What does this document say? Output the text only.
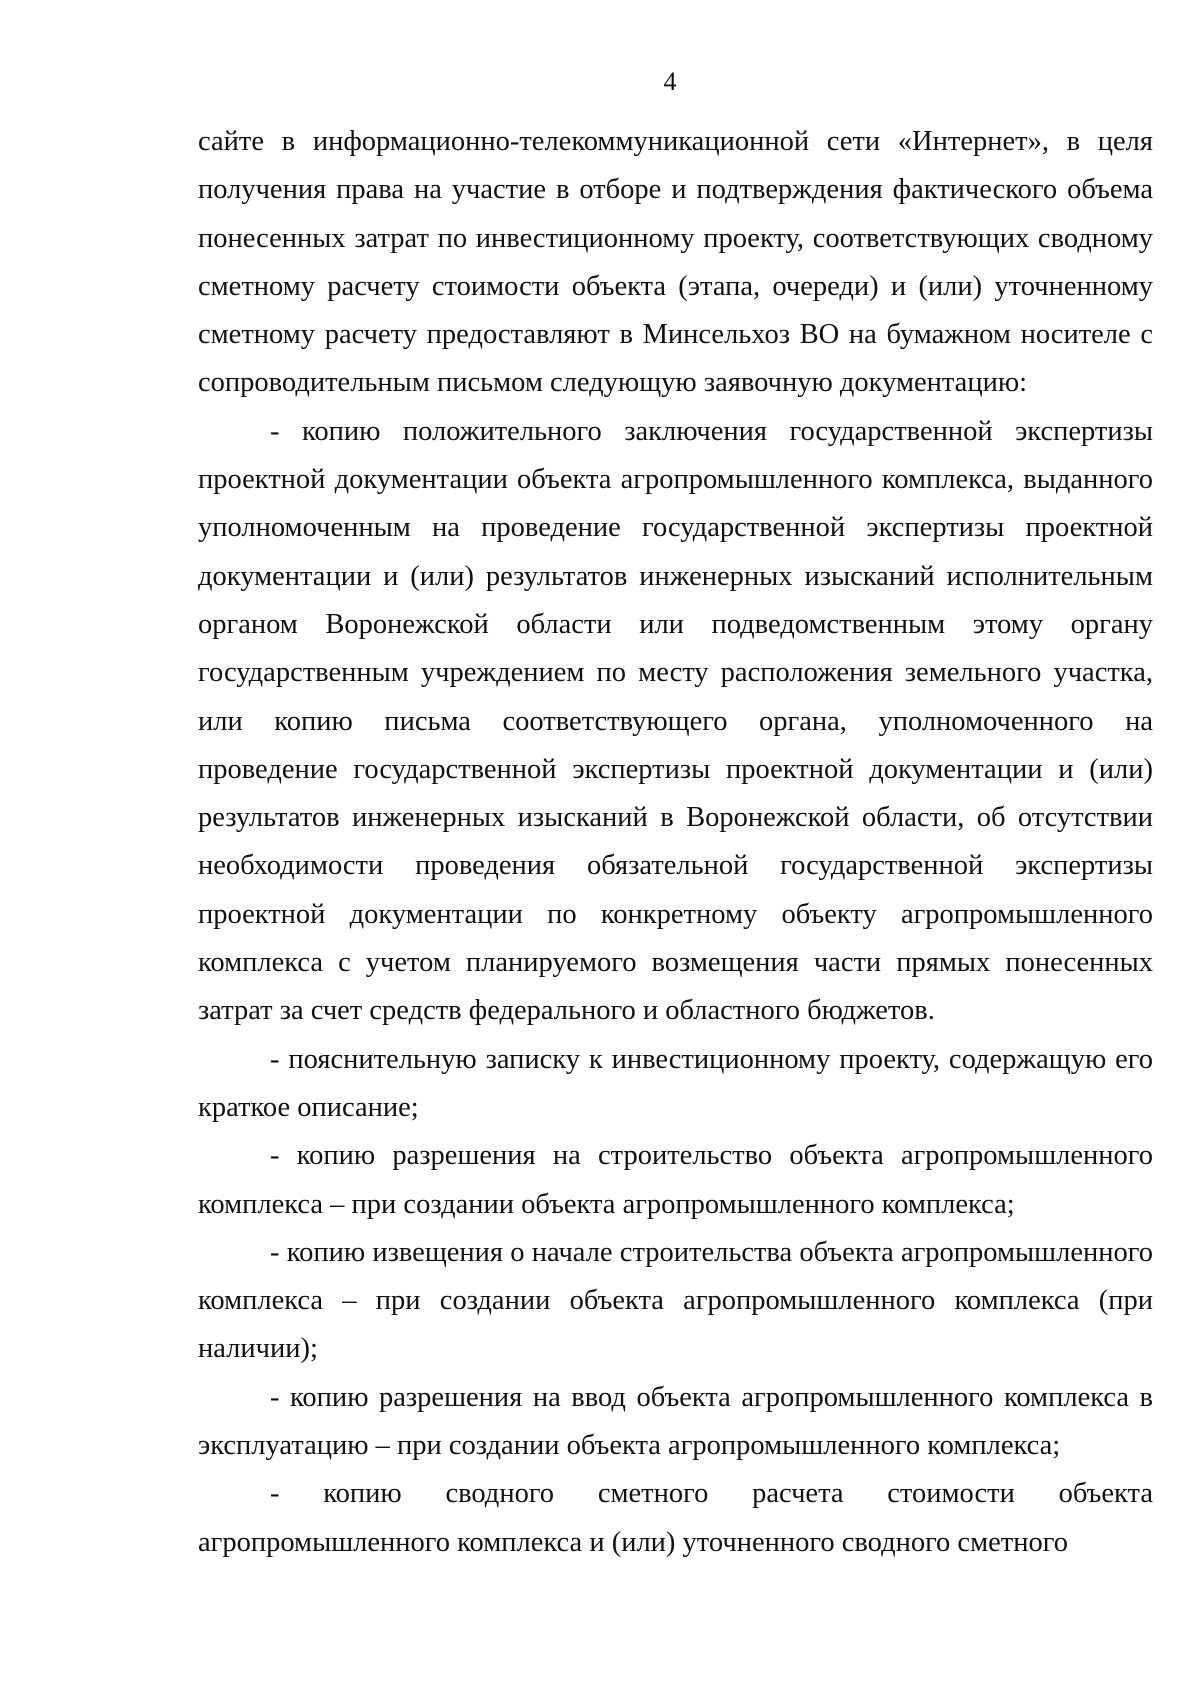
4

сайте в информационно-телекоммуникационной сети «Интернет», в целя получения права на участие в отборе и подтверждения фактического объема понесенных затрат по инвестиционному проекту, соответствующих сводному сметному расчету стоимости объекта (этапа, очереди) и (или) уточненному сметному расчету предоставляют в Минсельхоз ВО на бумажном носителе с сопроводительным письмом следующую заявочную документацию:

- копию положительного заключения государственной экспертизы проектной документации объекта агропромышленного комплекса, выданного уполномоченным на проведение государственной экспертизы проектной документации и (или) результатов инженерных изысканий исполнительным органом Воронежской области или подведомственным этому органу государственным учреждением по месту расположения земельного участка, или копию письма соответствующего органа, уполномоченного на проведение государственной экспертизы проектной документации и (или) результатов инженерных изысканий в Воронежской области, об отсутствии необходимости проведения обязательной государственной экспертизы проектной документации по конкретному объекту агропромышленного комплекса с учетом планируемого возмещения части прямых понесенных затрат за счет средств федерального и областного бюджетов.

- пояснительную записку к инвестиционному проекту, содержащую его краткое описание;

- копию разрешения на строительство объекта агропромышленного комплекса – при создании объекта агропромышленного комплекса;

- копию извещения о начале строительства объекта агропромышленного комплекса – при создании объекта агропромышленного комплекса (при наличии);

- копию разрешения на ввод объекта агропромышленного комплекса в эксплуатацию – при создании объекта агропромышленного комплекса;

- копию сводного сметного расчета стоимости объекта агропромышленного комплекса и (или) уточненного сводного сметного
